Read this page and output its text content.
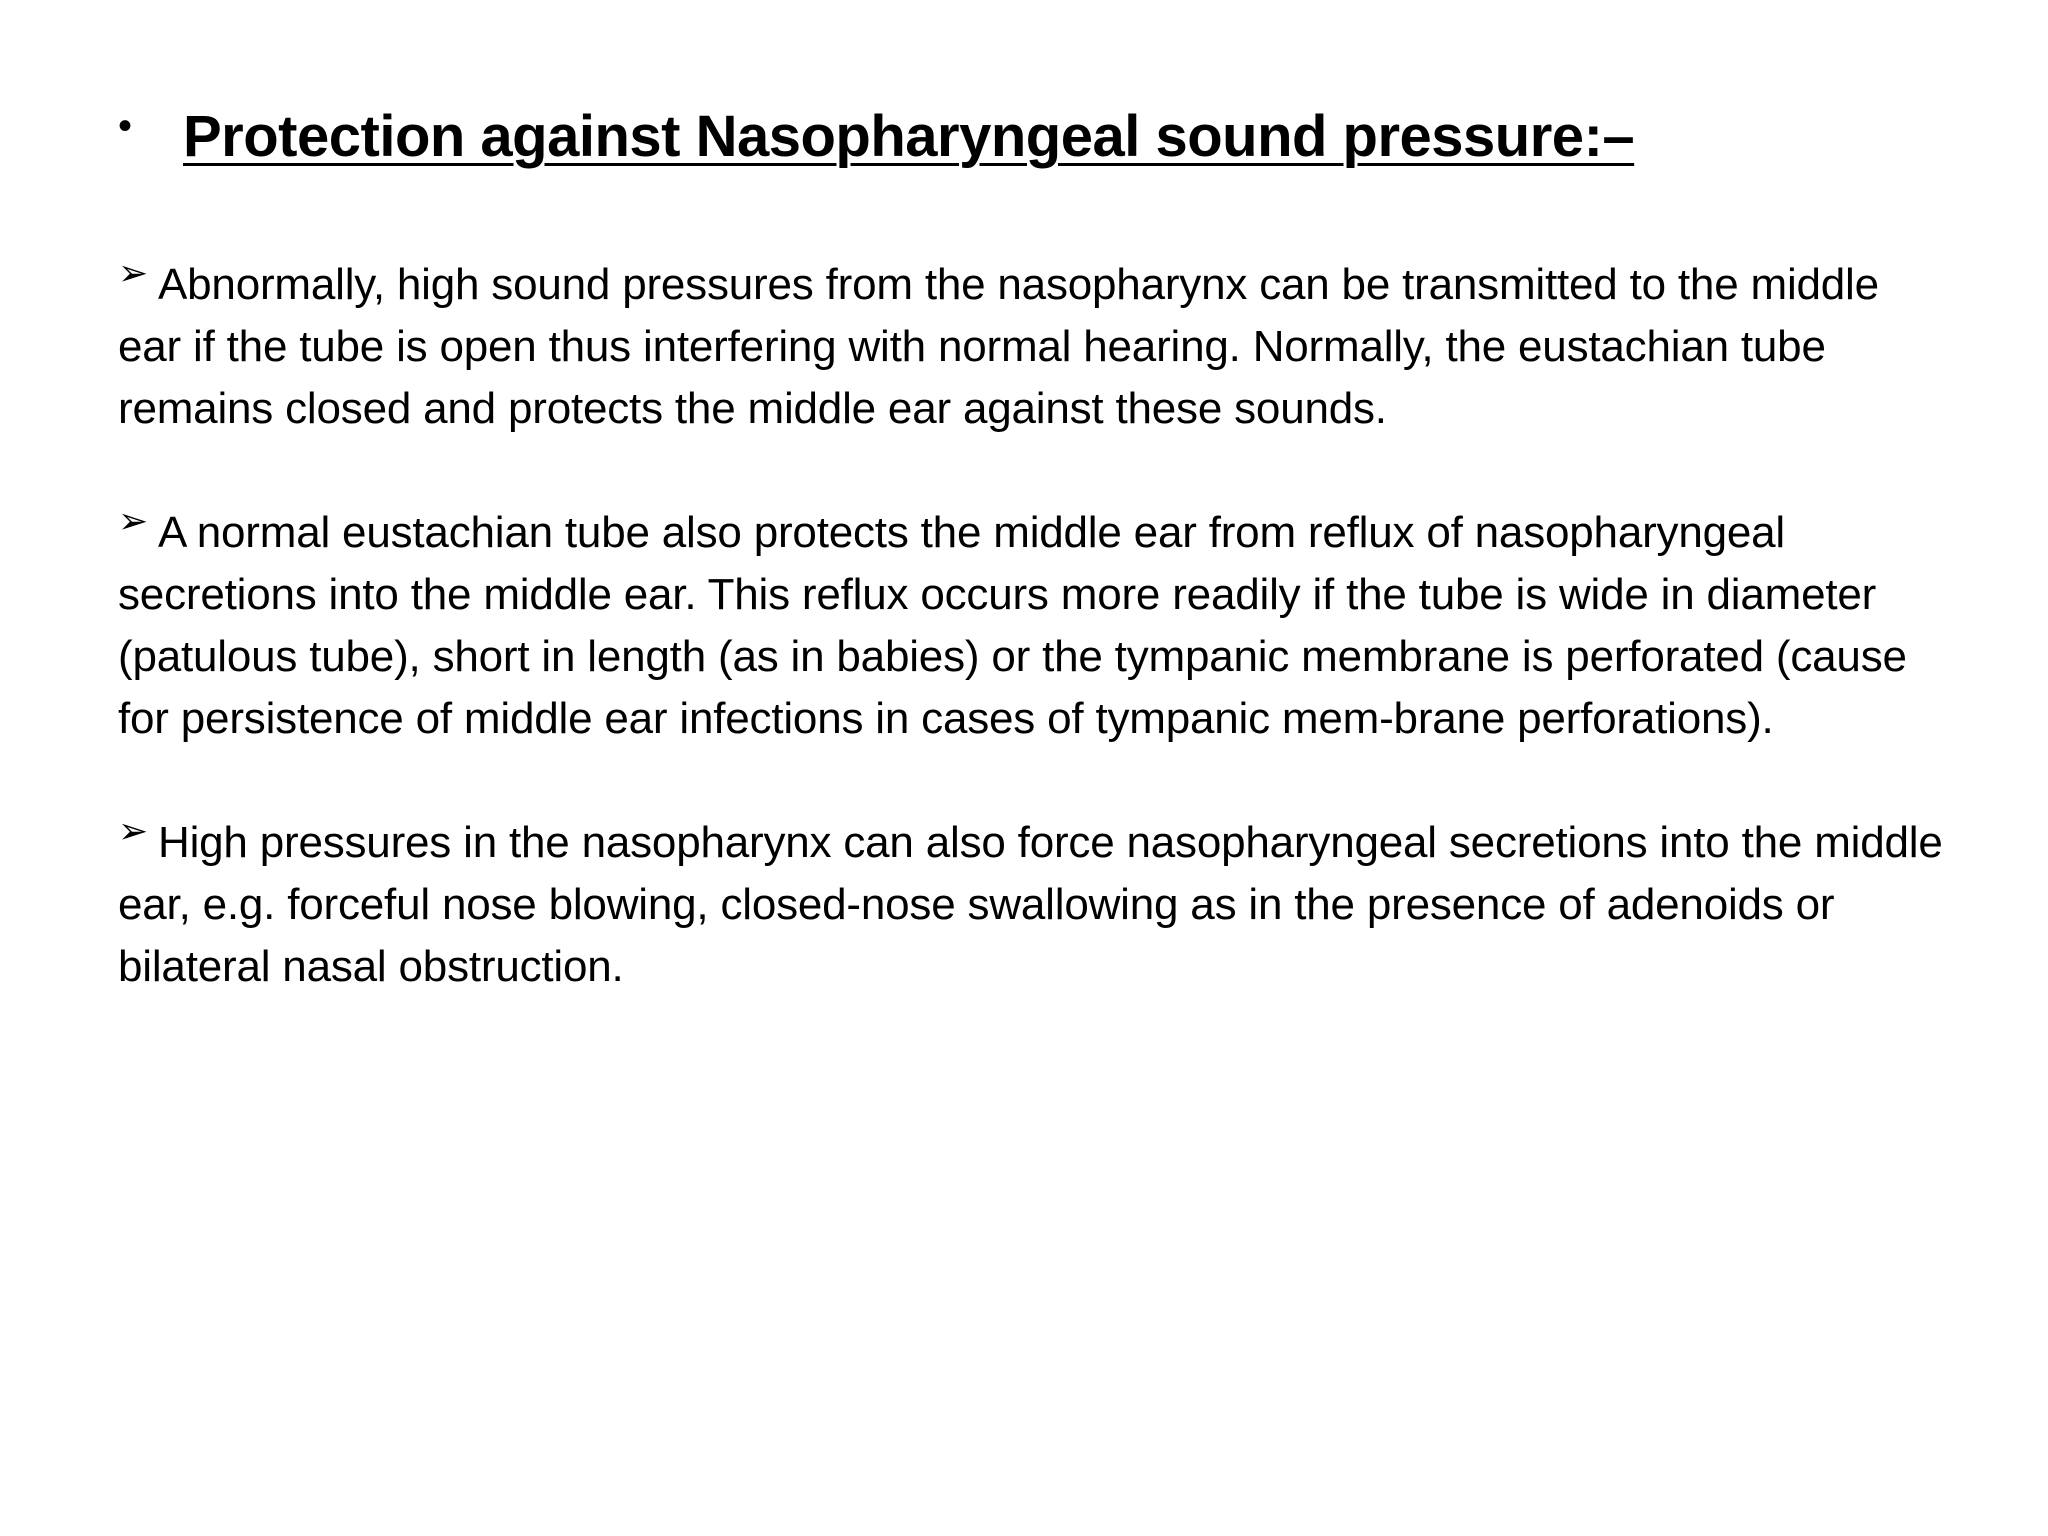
• Protection against Nasopharyngeal sound pressure:–

➢ Abnormally, high sound pressures from the nasopharynx can be transmitted to the middle ear if the tube is open thus interfering with normal hearing. Normally, the eustachian tube remains closed and protects the middle ear against these sounds.

➢ A normal eustachian tube also protects the middle ear from reflux of nasopharyngeal secretions into the middle ear. This reflux occurs more readily if the tube is wide in diameter (patulous tube), short in length (as in babies) or the tympanic membrane is perforated (cause for persistence of middle ear infections in cases of tympanic mem-brane perforations).

➢ High pressures in the nasopharynx can also force nasopharyngeal secretions into the middle ear, e.g. forceful nose blowing, closed-nose swallowing as in the presence of adenoids or bilateral nasal obstruction.
